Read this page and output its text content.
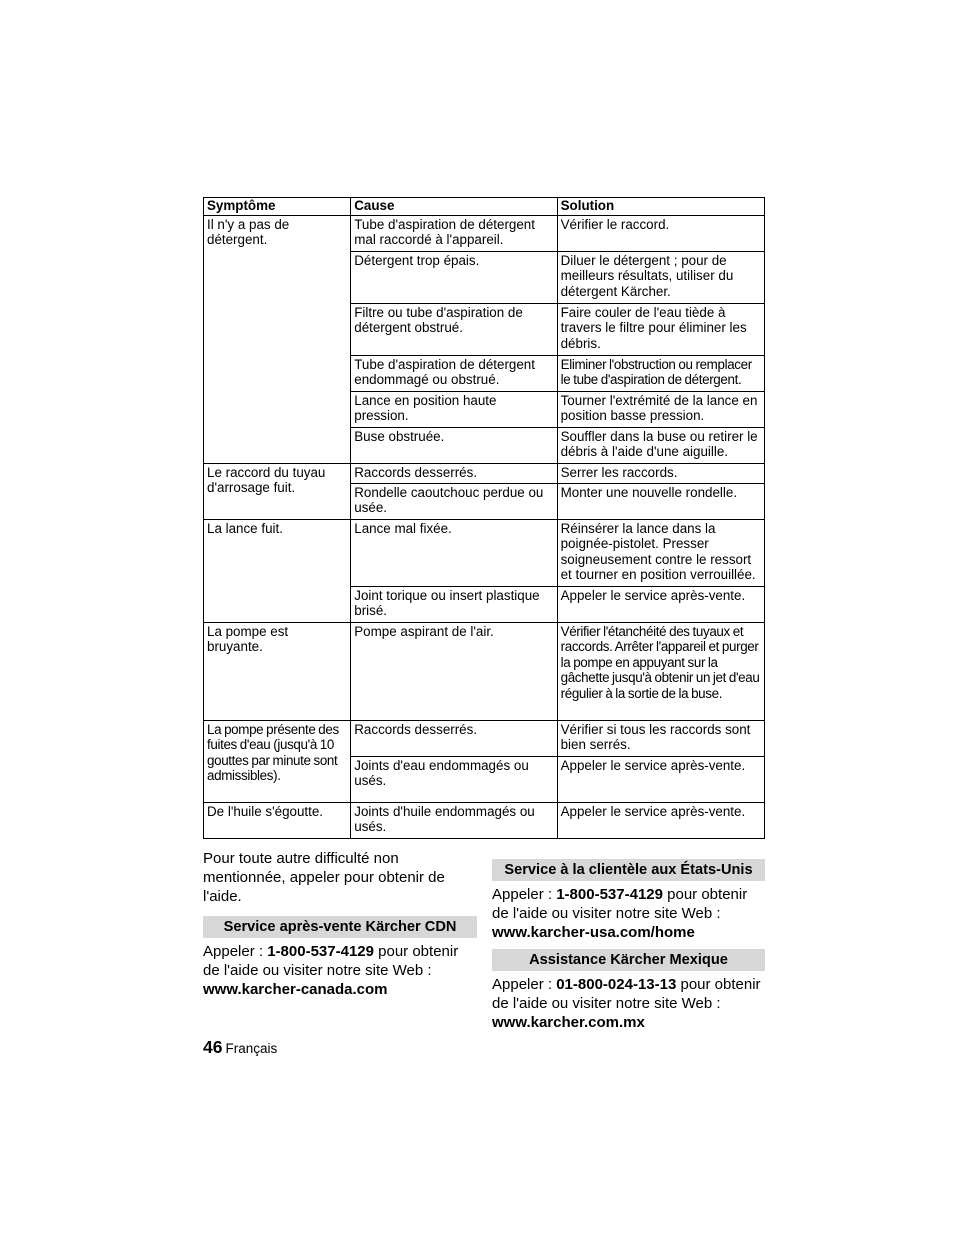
Symptôme	Cause	Solution
Il n'y a pas de détergent.	Tube d'aspiration de détergent mal raccordé à l'appareil.	Vérifier le raccord.
	Détergent trop épais.	Diluer le détergent ; pour de meilleurs résultats, utiliser du détergent Kärcher.
	Filtre ou tube d'aspiration de détergent obstrué.	Faire couler de l'eau tiède à travers le filtre pour éliminer les débris.
	Tube d'aspiration de détergent endommagé ou obstrué.	Eliminer l'obstruction ou remplacer le tube d'aspiration de détergent.
	Lance en position haute pression.	Tourner l'extrémité de la lance en position basse pression.
	Buse obstruée.	Souffler dans la buse ou retirer le débris à l'aide d'une aiguille.
Le raccord du tuyau d'arrosage fuit.	Raccords desserrés.	Serrer les raccords.
	Rondelle caoutchouc perdue ou usée.	Monter une nouvelle rondelle.
La lance fuit.	Lance mal fixée.	Réinsérer la lance dans la poignée-pistolet. Presser soigneusement contre le ressort et tourner en position verrouillée.
	Joint torique ou insert plastique brisé.	Appeler le service après-vente.
La pompe est bruyante.	Pompe aspirant de l'air.	Vérifier l'étanchéité des tuyaux et raccords. Arrêter l'appareil et purger la pompe en appuyant sur la gâchette jusqu'à obtenir un jet d'eau régulier à la sortie de la buse.
La pompe présente des fuites d'eau (jusqu'à 10 gouttes par minute sont admissibles).	Raccords desserrés.	Vérifier si tous les raccords sont bien serrés.
	Joints d'eau endommagés ou usés.	Appeler le service après-vente.
De l'huile s'égoutte.	Joints d'huile endommagés ou usés.	Appeler le service après-vente.

Pour toute autre difficulté non mentionnée, appeler pour obtenir de l'aide.

Service après-vente Kärcher CDN

Appeler : 1-800-537-4129 pour obtenir de l'aide ou visiter notre site Web :

www.karcher-canada.com

Service à la clientèle aux États-Unis

Appeler : 1-800-537-4129 pour obtenir de l'aide ou visiter notre site Web :

www.karcher-usa.com/home

Assistance Kärcher Mexique

Appeler : 01-800-024-13-13 pour obtenir de l'aide ou visiter notre site Web :

www.karcher.com.mx

46 Français
